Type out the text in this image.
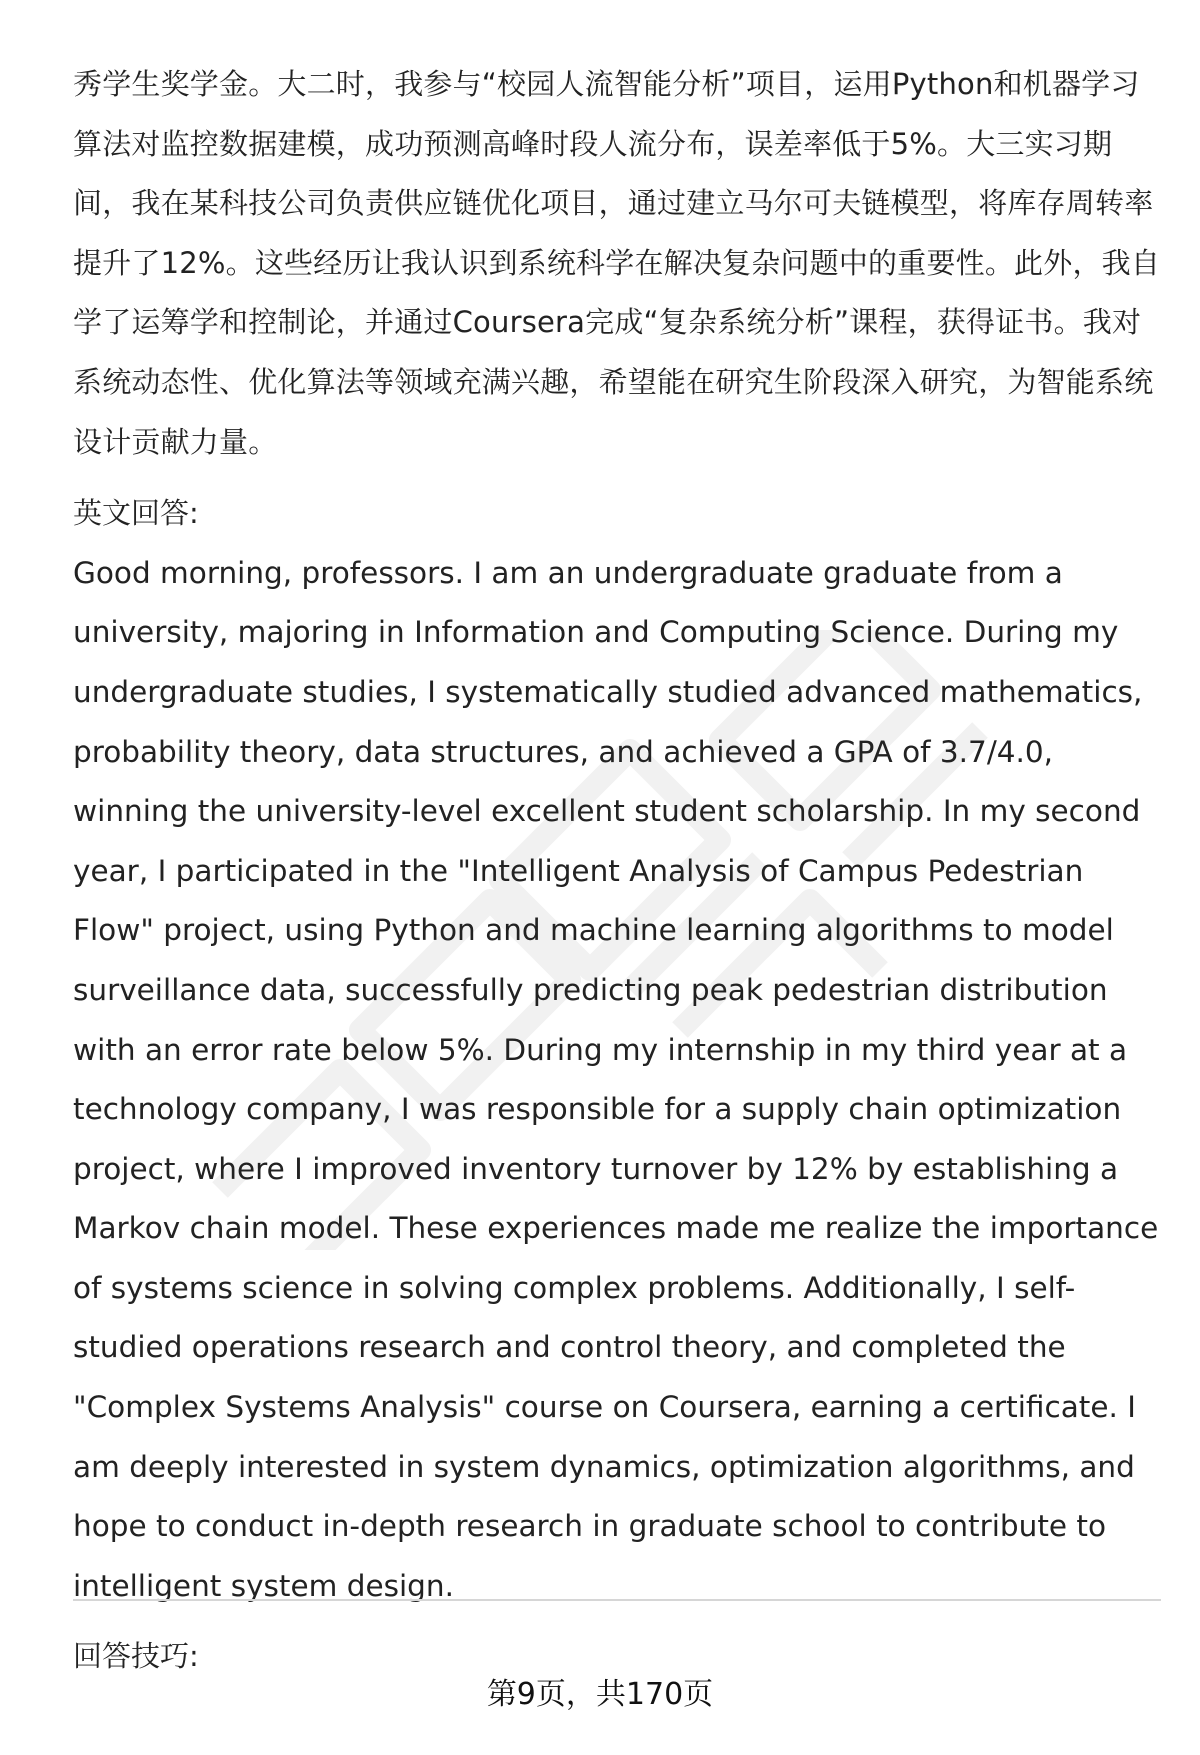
秀学生奖学金。大二时，我参与“校园人流智能分析”项目，运用Python和机器学习算法对监控数据建模，成功预测高峰时段人流分布，误差率低于5%。大三实习期间，我在某科技公司负责供应链优化项目，通过建立马尔可夫链模型，将库存周转率提升了12%。这些经历让我认识到系统科学在解决复杂问题中的重要性。此外，我自学了运筹学和控制论，并通过Coursera完成“复杂系统分析”课程，获得证书。我对系统动态性、优化算法等领域充满兴趣，希望能在研究生阶段深入研究，为智能系统设计贡献力量。

英文回答:

Good morning, professors. I am an undergraduate graduate from a university, majoring in Information and Computing Science. During my undergraduate studies, I systematically studied advanced mathematics, probability theory, data structures, and achieved a GPA of 3.7/4.0, winning the university-level excellent student scholarship. In my second year, I participated in the "Intelligent Analysis of Campus Pedestrian Flow" project, using Python and machine learning algorithms to model surveillance data, successfully predicting peak pedestrian distribution with an error rate below 5%. During my internship in my third year at a technology company, I was responsible for a supply chain optimization project, where I improved inventory turnover by 12% by establishing a Markov chain model. These experiences made me realize the importance of systems science in solving complex problems. Additionally, I self-studied operations research and control theory, and completed the "Complex Systems Analysis" course on Coursera, earning a certificate. I am deeply interested in system dynamics, optimization algorithms, and hope to conduct in-depth research in graduate school to contribute to intelligent system design.

回答技巧:

第9页，共170页
